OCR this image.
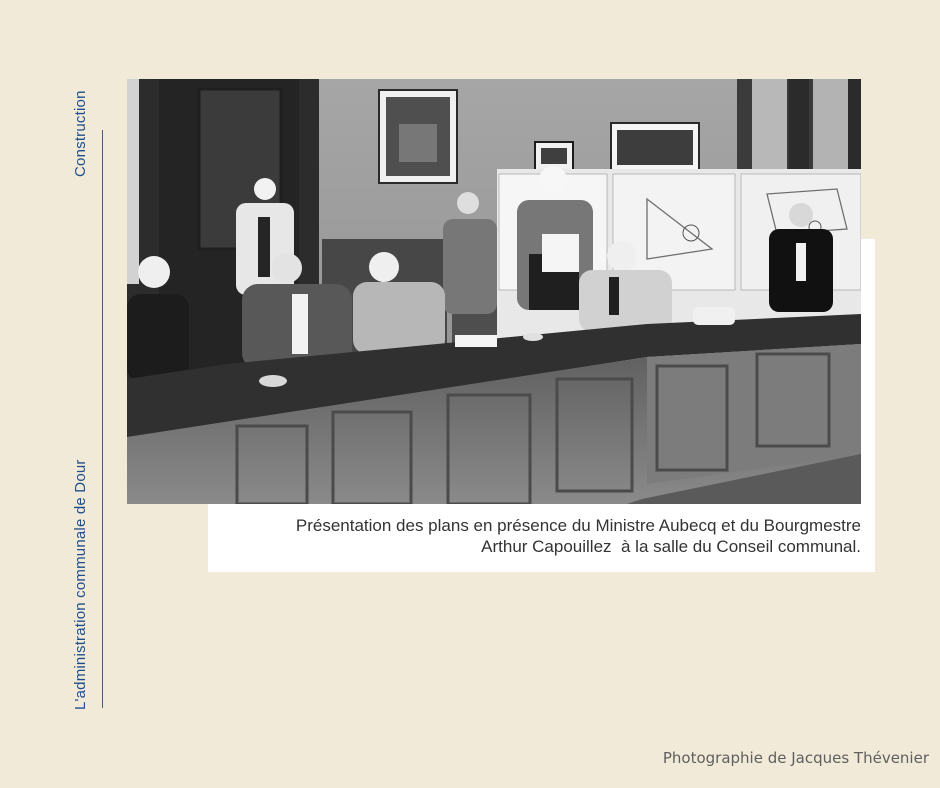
Construction
L'administration communale de Dour	Présentation des plans en présence du Ministre Aubecq et du Bourgmestre
Arthur Capouillez  à la salle du Conseil communal.
Photographie de Jacques Thévenier
